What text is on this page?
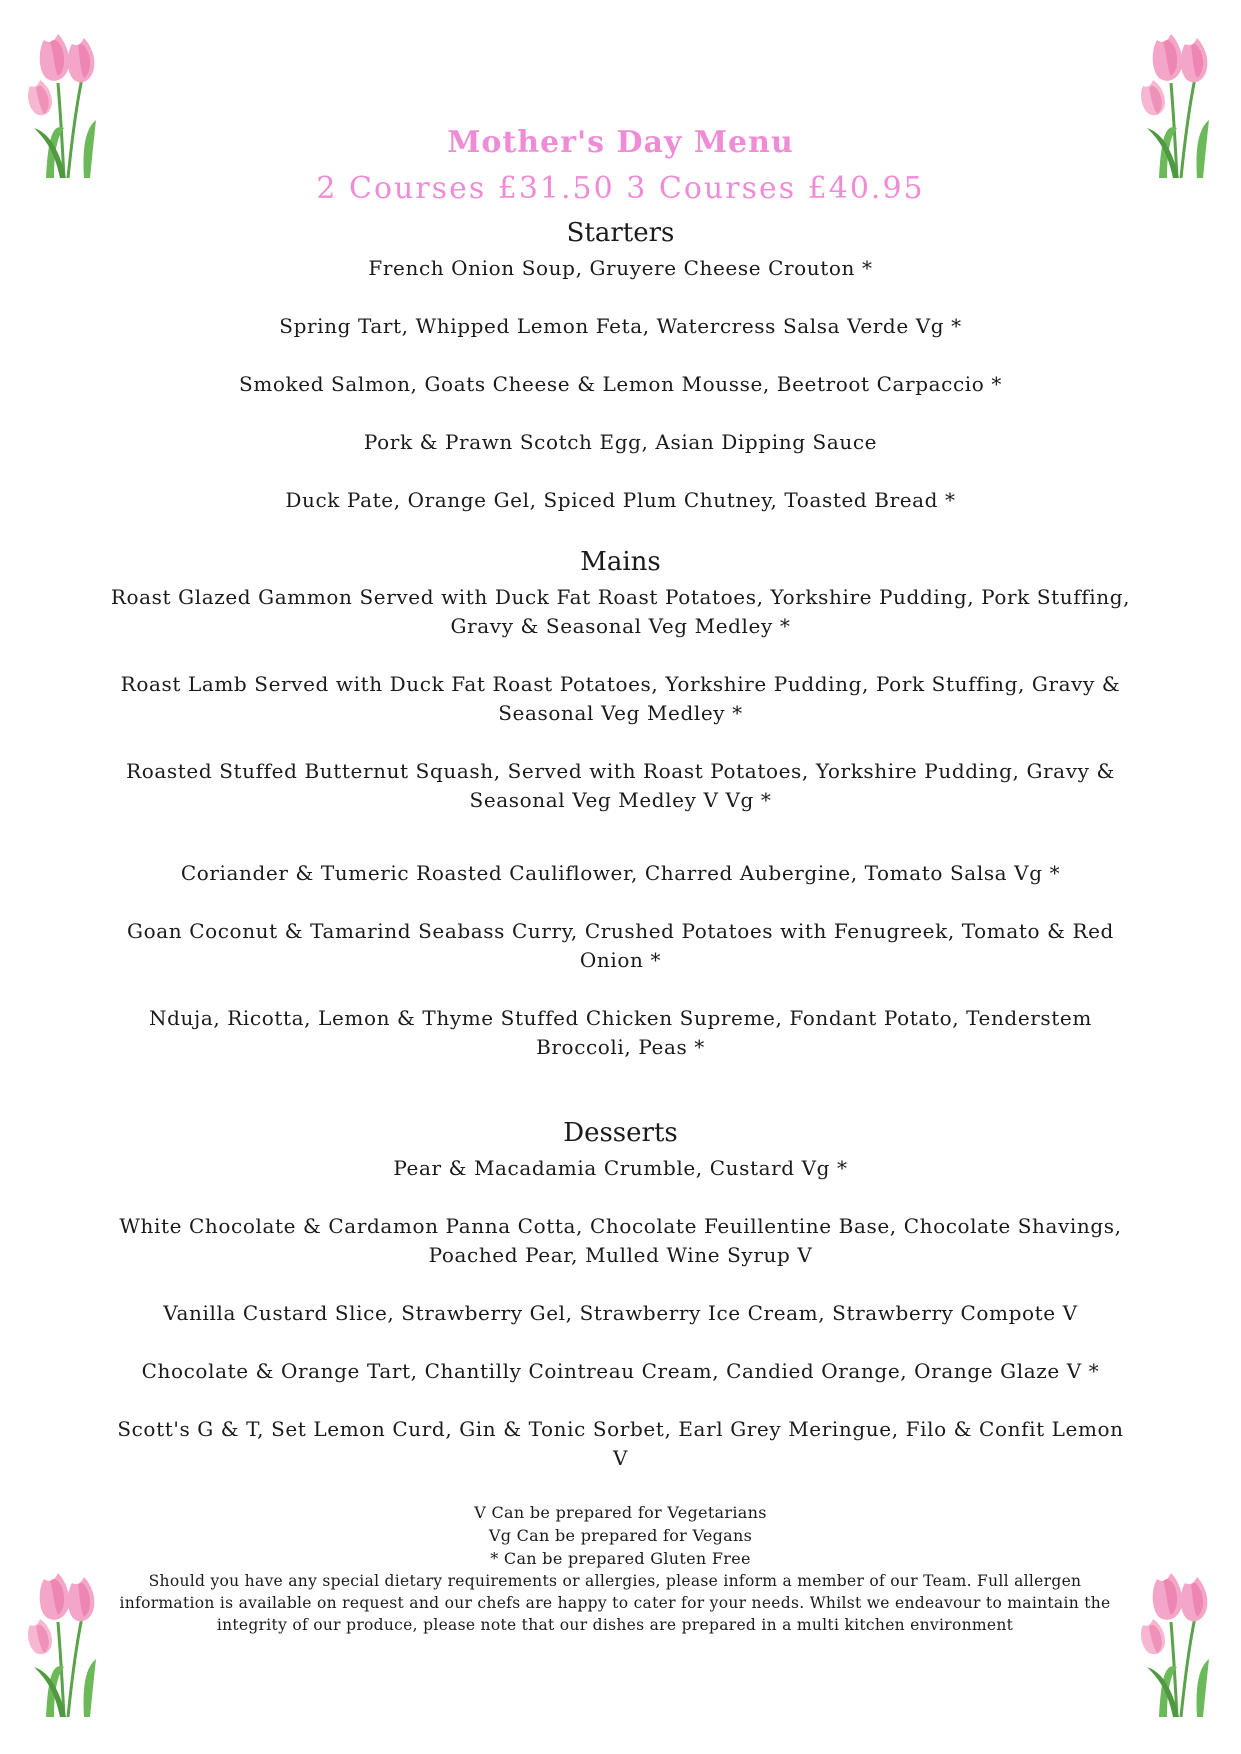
Mother's Day Menu

2 Courses £31.50 3 Courses £40.95

Starters

French Onion Soup, Gruyere Cheese Crouton *

Spring Tart, Whipped Lemon Feta, Watercress Salsa Verde Vg *

Smoked Salmon, Goats Cheese & Lemon Mousse, Beetroot Carpaccio *

Pork & Prawn Scotch Egg, Asian Dipping Sauce

Duck Pate, Orange Gel, Spiced Plum Chutney, Toasted Bread *

Mains

Roast Glazed Gammon Served with Duck Fat Roast Potatoes, Yorkshire Pudding, Pork Stuffing, Gravy & Seasonal Veg Medley *

Roast Lamb Served with Duck Fat Roast Potatoes, Yorkshire Pudding, Pork Stuffing, Gravy & Seasonal Veg Medley *

Roasted Stuffed Butternut Squash, Served with Roast Potatoes, Yorkshire Pudding, Gravy & Seasonal Veg Medley V Vg *

Coriander & Tumeric Roasted Cauliflower, Charred Aubergine, Tomato Salsa Vg *

Goan Coconut & Tamarind Seabass Curry, Crushed Potatoes with Fenugreek, Tomato & Red Onion *

Nduja, Ricotta, Lemon & Thyme Stuffed Chicken Supreme, Fondant Potato, Tenderstem Broccoli, Peas *

Desserts

Pear & Macadamia Crumble, Custard Vg *

White Chocolate & Cardamon Panna Cotta, Chocolate Feuillentine Base, Chocolate Shavings, Poached Pear, Mulled Wine Syrup V

Vanilla Custard Slice, Strawberry Gel, Strawberry Ice Cream, Strawberry Compote V

Chocolate & Orange Tart, Chantilly Cointreau Cream, Candied Orange, Orange Glaze V *

Scott's G & T, Set Lemon Curd, Gin & Tonic Sorbet, Earl Grey Meringue, Filo & Confit Lemon V

V Can be prepared for Vegetarians

Vg Can be prepared for Vegans

* Can be prepared Gluten Free

Should you have any special dietary requirements or allergies, please inform a member of our Team. Full allergen information is available on request and our chefs are happy to cater for your needs. Whilst we endeavour to maintain the integrity of our produce, please note that our dishes are prepared in a multi kitchen environment
